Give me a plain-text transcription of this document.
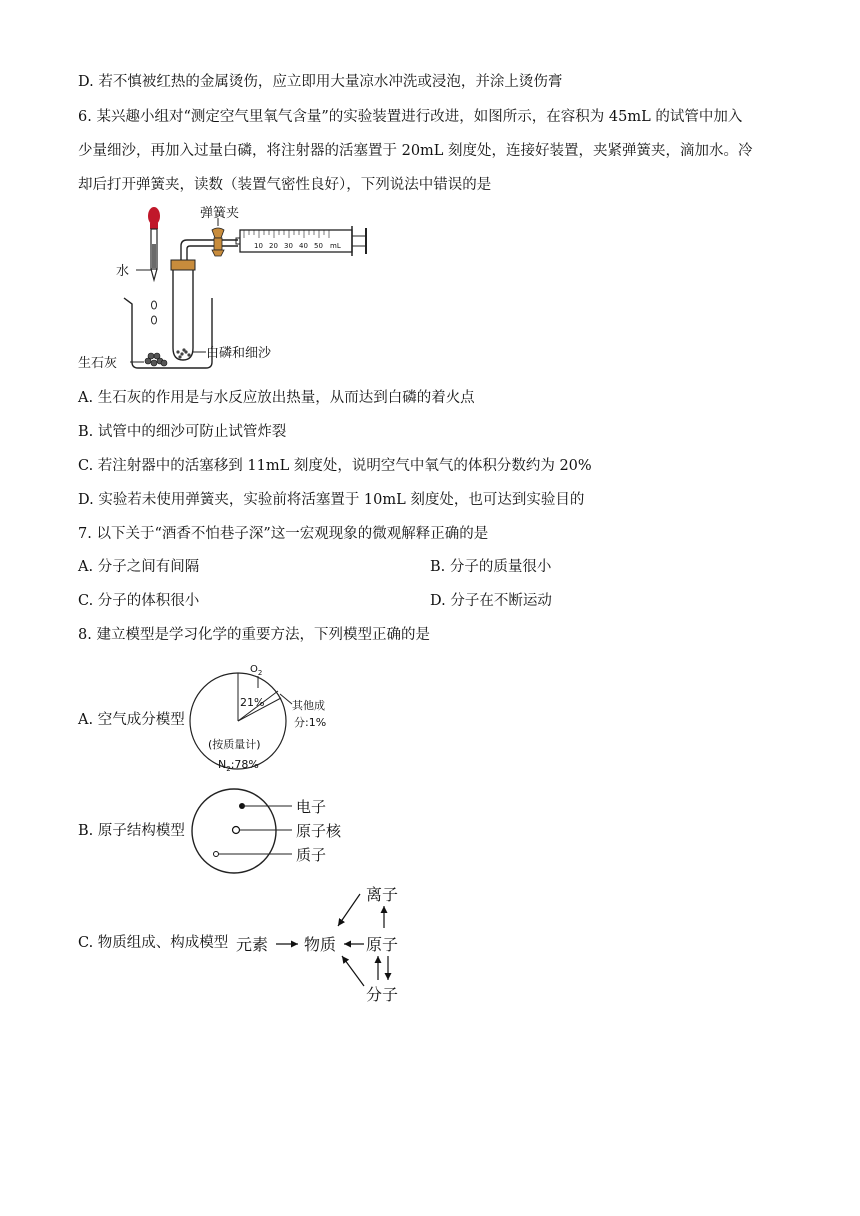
D. 若不慎被红热的金属烫伤，应立即用大量凉水冲洗或浸泡，并涂上烫伤膏
6. 某兴趣小组对“测定空气里氧气含量”的实验装置进行改进，如图所示，在容积为 45mL 的试管中加入
少量细沙，再加入过量白磷，将注射器的活塞置于 20mL 刻度处，连接好装置，夹紧弹簧夹，滴加水。冷
却后打开弹簧夹，读数（装置气密性良好），下列说法中错误的是
10 20 30 40 50 mL
弹簧夹
水
生石灰
白磷和细沙
A. 生石灰的作用是与水反应放出热量，从而达到白磷的着火点
B. 试管中的细沙可防止试管炸裂
C. 若注射器中的活塞移到 11mL 刻度处，说明空气中氧气的体积分数约为 20%
D. 实验若未使用弹簧夹，实验前将活塞置于 10mL 刻度处，也可达到实验目的
7. 以下关于“酒香不怕巷子深”这一宏观现象的微观解释正确的是
A. 分子之间有间隔	B. 分子的质量很小
C. 分子的体积很小	D. 分子在不断运动
8. 建立模型是学习化学的重要方法，下列模型正确的是
A. 空气成分模型
$O_2$
21%	其他成
分:1%
(按质量计)
$N_2:78\%$
B. 原子结构模型
电子
原子核
质子
C. 物质组成、构成模型
离子
元素 物质 原子
分子
